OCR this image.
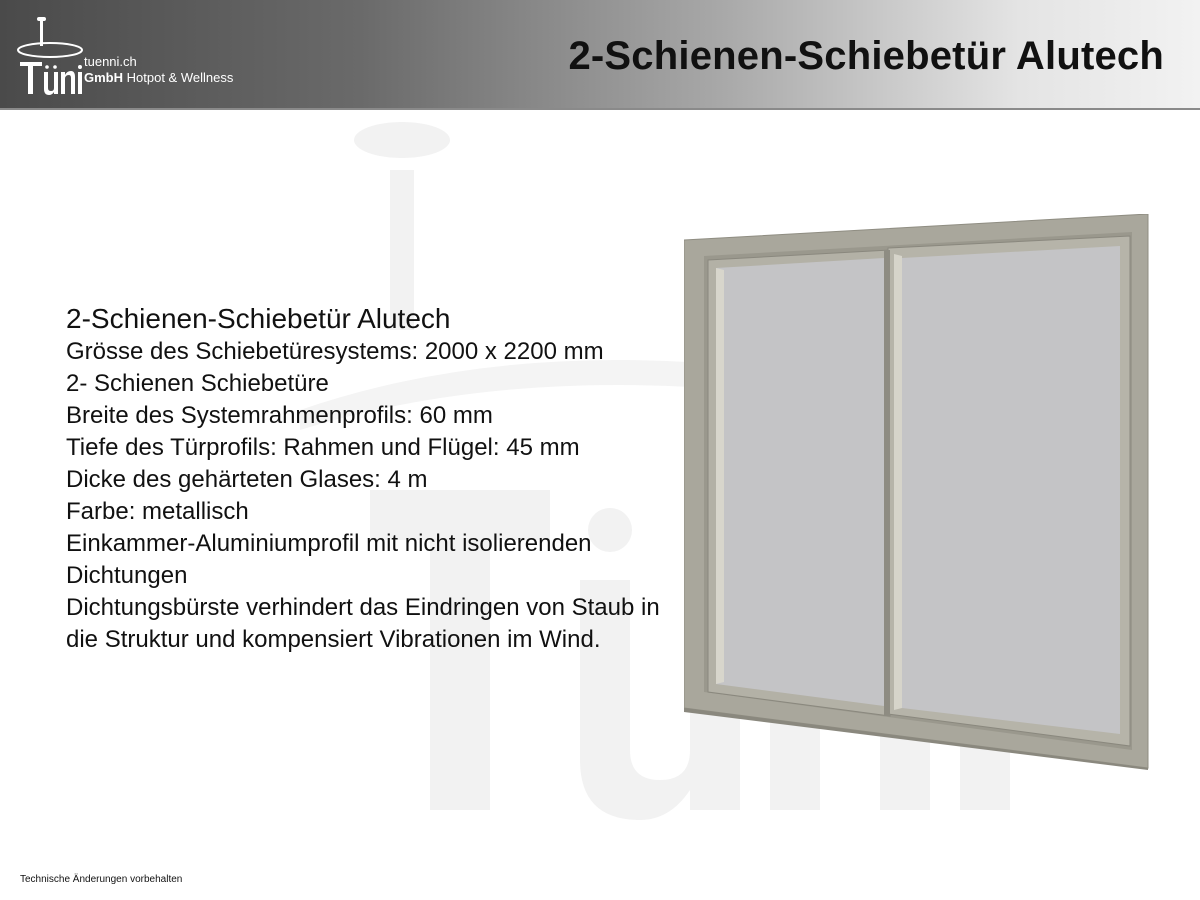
tuenni.ch
GmbH Hotpot & Wellness	2-Schienen-Schiebetür Alutech
2-Schienen-Schiebetür Alutech
Grösse des Schiebetüresystems: 2000 x 2200 mm
2- Schienen Schiebetüre
Breite des Systemrahmenprofils: 60 mm
Tiefe des Türprofils: Rahmen und Flügel: 45 mm
Dicke des gehärteten Glases: 4 m
Farbe: metallisch
Einkammer-Aluminiumprofil mit nicht isolierenden Dichtungen
Dichtungsbürste verhindert das Eindringen von Staub in die Struktur und kompensiert Vibrationen im Wind.
Technische Änderungen vorbehalten
